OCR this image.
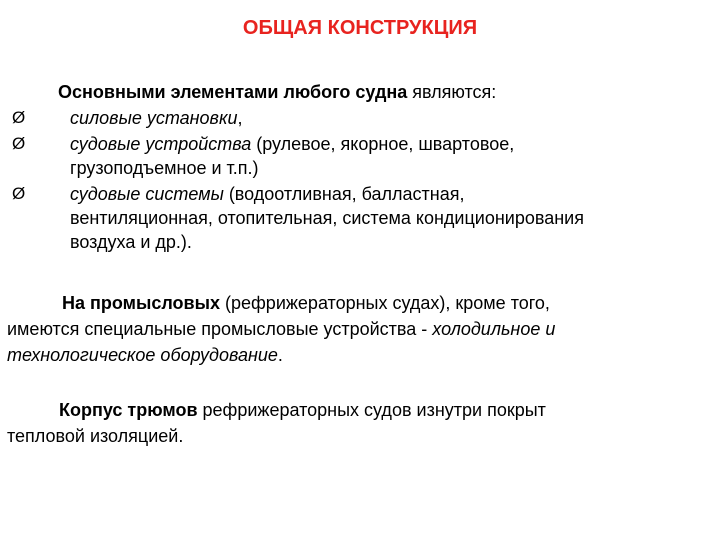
ОБЩАЯ КОНСТРУКЦИЯ
Основными элементами любого судна являются:
Ø силовые установки,
Ø судовые устройства (рулевое, якорное, швартовое,
грузоподъемное и т.п.)
Ø судовые системы (водоотливная, балластная,
вентиляционная, отопительная, система кондиционирования
воздуха и др.).
На промысловых (рефрижераторных судах), кроме того,
имеются специальные промысловые устройства - холодильное и
технологическое оборудование.
Корпус трюмов рефрижераторных судов изнутри покрыт
тепловой изоляцией.
